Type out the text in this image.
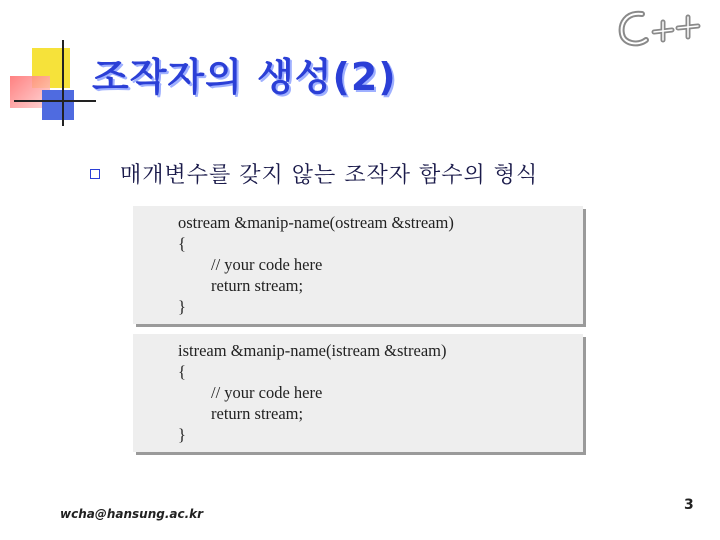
조작자의 생성(2)
매개변수를 갖지 않는 조작자 함수의 형식
ostream &manip-name(ostream &stream)
{
// your code here
return stream;
}
istream &manip-name(istream &stream)
{
// your code here
return stream;
}
wcha@hansung.ac.kr
3
